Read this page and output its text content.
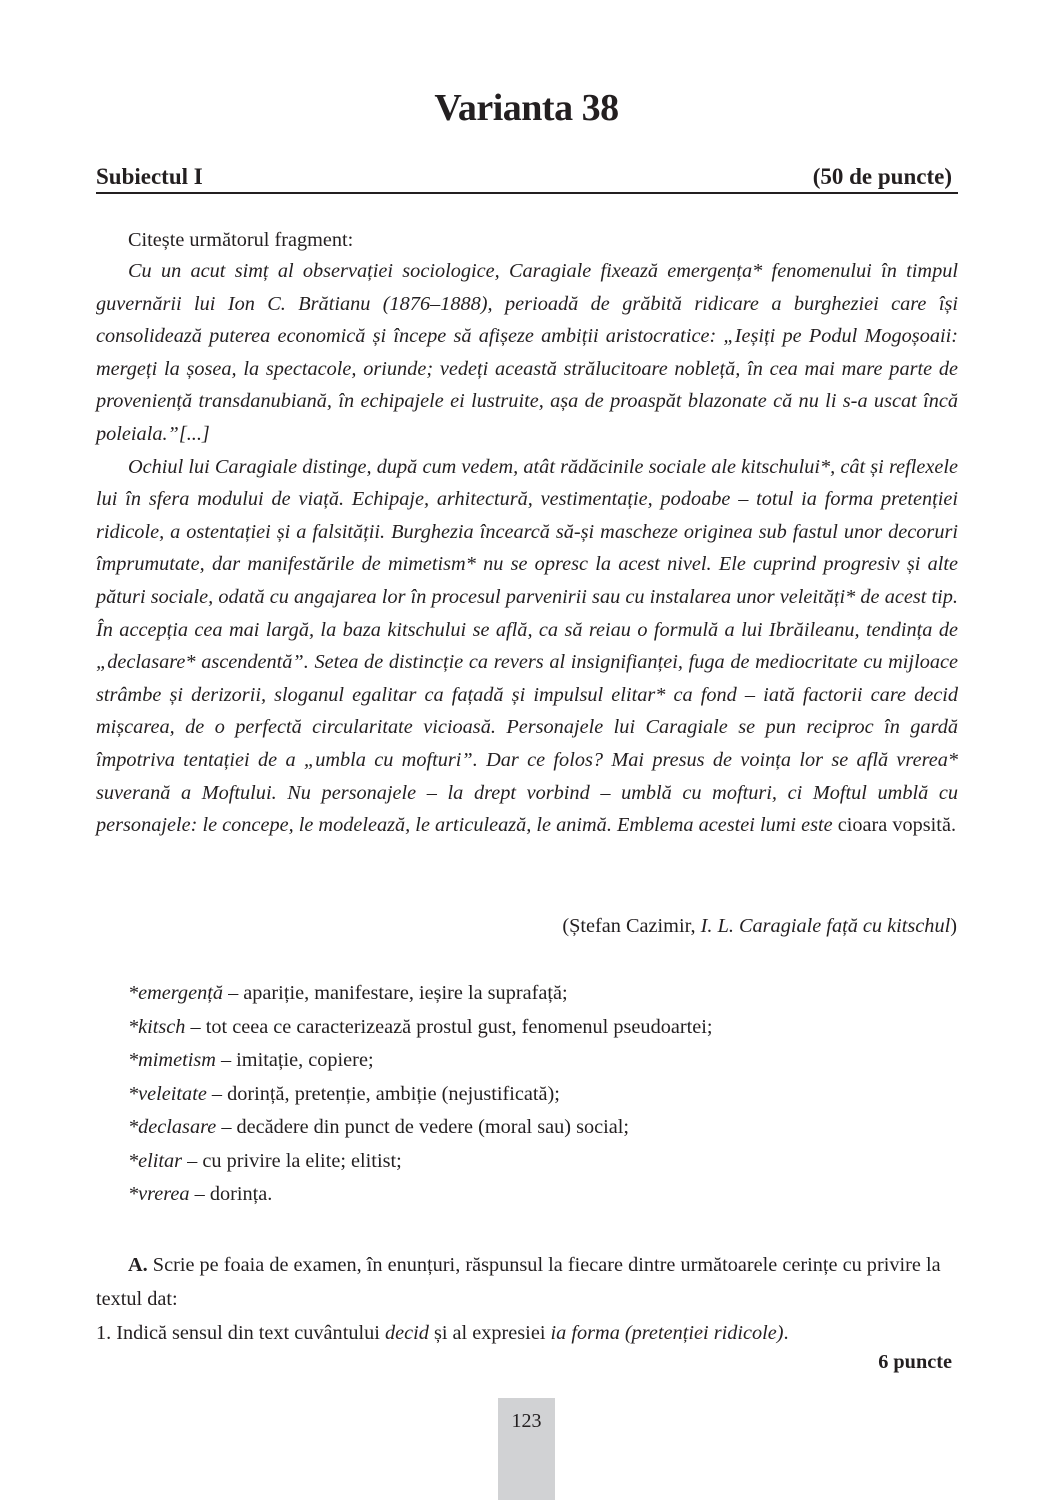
Varianta 38
Subiectul I	(50 de puncte)

Citește următorul fragment:

Cu un acut simț al observației sociologice, Caragiale fixează emergența* fenomenului în timpul guvernării lui Ion C. Brătianu (1876–1888), perioadă de grăbită ridicare a burgheziei care își consolidează puterea economică și începe să afișeze ambiții aristocratice: „Ieșiți pe Podul Mogoșoaii: mergeți la șosea, la spectacole, oriunde; vedeți această strălucitoare nobleță, în cea mai mare parte de proveniență transdanubiană, în echipajele ei lustruite, așa de proaspăt blazonate că nu li s-a uscat încă poleiala.”[...]

Ochiul lui Caragiale distinge, după cum vedem, atât rădăcinile sociale ale kitschului*, cât și reflexele lui în sfera modului de viață. Echipaje, arhitectură, vestimentație, podoabe – totul ia forma pretenției ridicole, a ostentației și a falsității. Burghezia încearcă să-și mascheze originea sub fastul unor decoruri împrumutate, dar manifestările de mimetism* nu se opresc la acest nivel. Ele cuprind progresiv și alte pături sociale, odată cu angajarea lor în procesul parvenirii sau cu instalarea unor veleități* de acest tip. În accepția cea mai largă, la baza kitschului se află, ca să reiau o formulă a lui Ibrăileanu, tendința de „declasare* ascendentă”. Setea de distincție ca revers al insignifianței, fuga de mediocritate cu mijloace strâmbe și derizorii, sloganul egalitar ca fațadă și impulsul elitar* ca fond – iată factorii care decid mișcarea, de o perfectă circularitate vicioasă. Personajele lui Caragiale se pun reciproc în gardă împotriva tentației de a „umbla cu mofturi”. Dar ce folos? Mai presus de voința lor se află vrerea* suverană a Moftului. Nu personajele – la drept vorbind – umblă cu mofturi, ci Moftul umblă cu personajele: le concepe, le modelează, le articulează, le animă. Emblema acestei lumi este cioara vopsită.

(Ștefan Cazimir, I. L. Caragiale față cu kitschul)
*emergență – apariție, manifestare, ieșire la suprafață;
*kitsch – tot ceea ce caracterizează prostul gust, fenomenul pseudoartei;
*mimetism – imitație, copiere;
*veleitate – dorință, pretenție, ambiție (nejustificată);
*declasare – decădere din punct de vedere (moral sau) social;
*elitar – cu privire la elite; elitist;
*vrerea – dorința.

A. Scrie pe foaia de examen, în enunțuri, răspunsul la fiecare dintre următoarele cerințe cu privire la textul dat:

1. Indică sensul din text cuvântului decid și al expresiei ia forma (pretenției ridicole).

6 puncte
123
